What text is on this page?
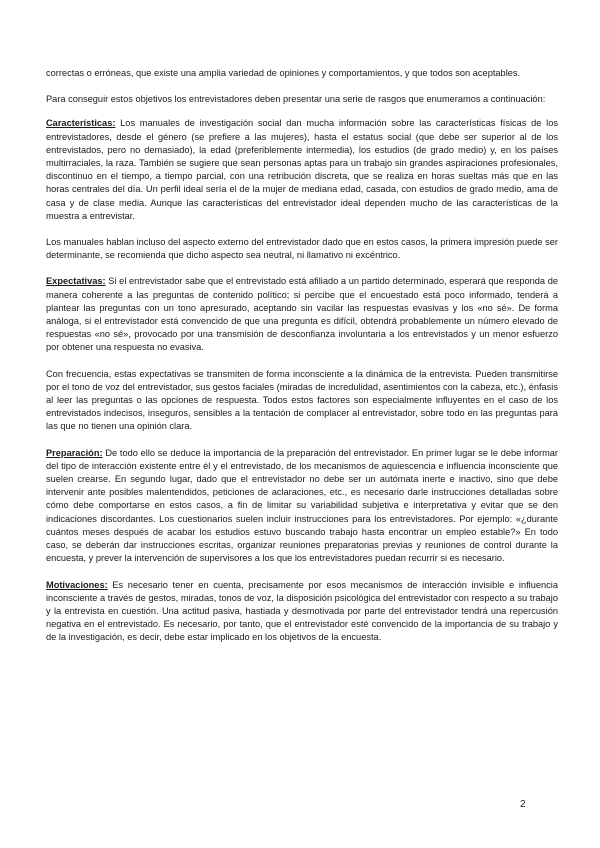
correctas o erróneas, que existe una amplia variedad de opiniones y comportamientos, y que todos son aceptables.

Para conseguir estos objetivos los entrevistadores deben presentar una serie de rasgos que enumeramos a continuación:

Características: Los manuales de investigación social dan mucha información sobre las características físicas de los entrevistadores, desde el género (se prefiere a las mujeres), hasta el estatus social (que debe ser superior al de los entrevistados, pero no demasiado), la edad (preferiblemente intermedia), los estudios (de grado medio) y, en los países multirraciales, la raza. También se sugiere que sean personas aptas para un trabajo sin grandes aspiraciones profesionales, discontinuo en el tiempo, a tiempo parcial, con una retribución discreta, que se realiza en horas sueltas más que en las horas centrales del día. Un perfil ideal sería el de la mujer de mediana edad, casada, con estudios de grado medio, ama de casa y de clase media. Aunque las características del entrevistador ideal dependen mucho de las características de la muestra a entrevistar.

Los manuales hablan incluso del aspecto externo del entrevistador dado que en estos casos, la primera impresión puede ser determinante, se recomienda que dicho aspecto sea neutral, ni llamativo ni excéntrico.

Expectativas: Si el entrevistador sabe que el entrevistado está afiliado a un partido determinado, esperará que responda de manera coherente a las preguntas de contenido político; si percibe que el encuestado está poco informado, tenderá a plantear las preguntas con un tono apresurado, aceptando sin vacilar las respuestas evasivas y los «no sé». De forma análoga, si el entrevistador está convencido de que una pregunta es difícil, obtendrá probablemente un número elevado de respuestas «no sé», provocado por una transmisión de desconfianza involuntaria a los entrevistados y un menor esfuerzo por obtener una respuesta no evasiva.

Con frecuencia, estas expectativas se transmiten de forma inconsciente a la dinámica de la entrevista. Pueden transmitirse por el tono de voz del entrevistador, sus gestos faciales (miradas de incredulidad, asentimientos con la cabeza, etc.), énfasis al leer las preguntas o las opciones de respuesta. Todos estos factores son especialmente influyentes en el caso de los entrevistados indecisos, inseguros, sensibles a la tentación de complacer al entrevistador, sobre todo en las preguntas para las que no tienen una opinión clara.

Preparación: De todo ello se deduce la importancia de la preparación del entrevistador. En primer lugar se le debe informar del tipo de interacción existente entre él y el entrevistado, de los mecanismos de aquiescencia e influencia inconsciente que suelen crearse. En segundo lugar, dado que el entrevistador no debe ser un autómata inerte e inactivo, sino que debe intervenir ante posibles malentendidos, peticiones de aclaraciones, etc., es necesario darle instrucciones detalladas sobre cómo debe comportarse en estos casos, a fin de limitar su variabilidad subjetiva e interpretativa y evitar que se den indicaciones discordantes. Los cuestionarios suelen incluir instrucciones para los entrevistadores. Por ejemplo: «¿durante cuántos meses después de acabar los estudios estuvo buscando trabajo hasta encontrar un empleo estable?» En todo caso, se deberán dar instrucciones escritas, organizar reuniones preparatorias previas y reuniones de control durante la encuesta, y prever la intervención de supervisores a los que los entrevistadores puedan recurrir si es necesario.

Motivaciones: Es necesario tener en cuenta, precisamente por esos mecanismos de interacción invisible e influencia inconsciente a través de gestos, miradas, tonos de voz, la disposición psicológica del entrevistador con respecto a su trabajo y la entrevista en cuestión. Una actitud pasiva, hastiada y desmotivada por parte del entrevistador tendrá una repercusión negativa en el entrevistado. Es necesario, por tanto, que el entrevistador esté convencido de la importancia de su trabajo y de la investigación, es decir, debe estar implicado en los objetivos de la encuesta.

2
